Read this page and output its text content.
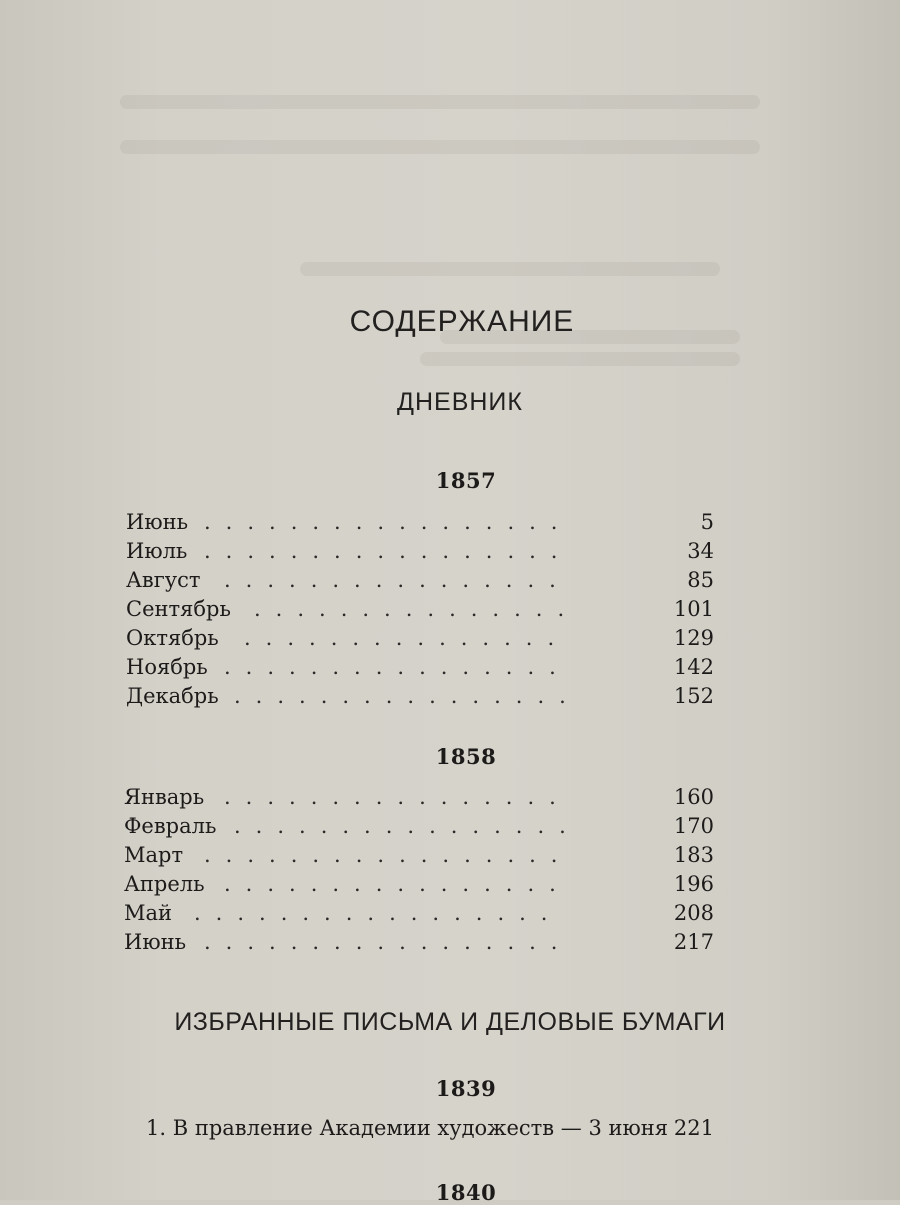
СОДЕРЖАНИЕ
ДНЕВНИК
1857
Июнь .................	5
Июль .................	34
Август ................	85
Сентябрь ...............	101
Октябрь ...............	129
Ноябрь ................	142
Декабрь ................	152
1858
Январь ................	160
Февраль ................	170
Март .................	183
Апрель ................	196
Май .................	208
Июнь .................	217
ИЗБРАННЫЕ ПИСЬМА И ДЕЛОВЫЕ БУМАГИ
1839
1. В правление Академии художеств — 3 июня 221
1840
